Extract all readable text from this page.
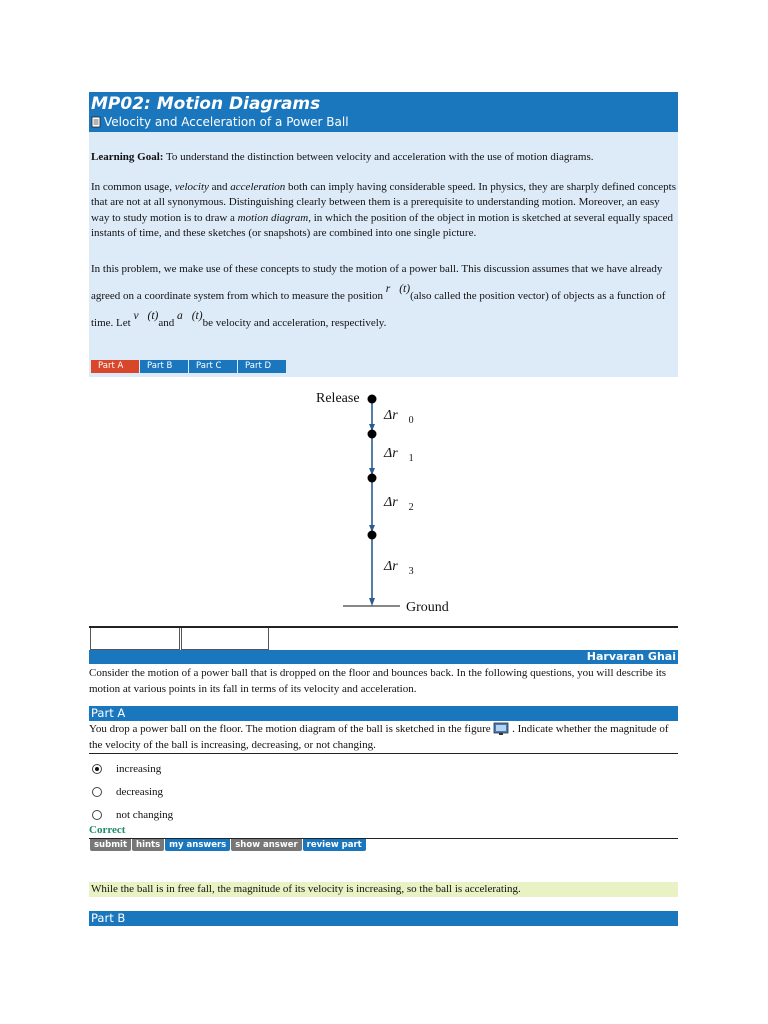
MP02: Motion Diagrams
Velocity and Acceleration of a Power Ball

Learning Goal: To understand the distinction between velocity and acceleration with the use of motion diagrams.

In common usage, velocity and acceleration both can imply having considerable speed. In physics, they are sharply defined concepts that are not at all synonymous. Distinguishing clearly between them is a prerequisite to understanding motion. Moreover, an easy way to study motion is to draw a motion diagram, in which the position of the object in motion is sketched at several equally spaced instants of time, and these sketches (or snapshots) are combined into one single picture.

In this problem, we make use of these concepts to study the motion of a power ball. This discussion assumes that we have already agreed on a coordinate system from which to measure the position r⃗(t)(also called the position vector) of objects as a function of time. Let v⃗(t)and a⃗(t)be velocity and acceleration, respectively.

Part A	Part B	Part C	Part D
Release
$\Delta r⃗_0$
$\Delta r⃗_1$
$\Delta r⃗_2$
$\Delta r⃗_3$
Ground
Harvaran Ghai
Consider the motion of a power ball that is dropped on the floor and bounces back. In the following questions, you will describe its motion at various points in its fall in terms of its velocity and acceleration.
Part A
You drop a power ball on the floor. The motion diagram of the ball is sketched in the figure  . Indicate whether the magnitude of the velocity of the ball is increasing, decreasing, or not changing.
increasing
decreasing
not changing
Correct
submit	hints	my answers	show answer	review part
While the ball is in free fall, the magnitude of its velocity is increasing, so the ball is accelerating.
Part B
